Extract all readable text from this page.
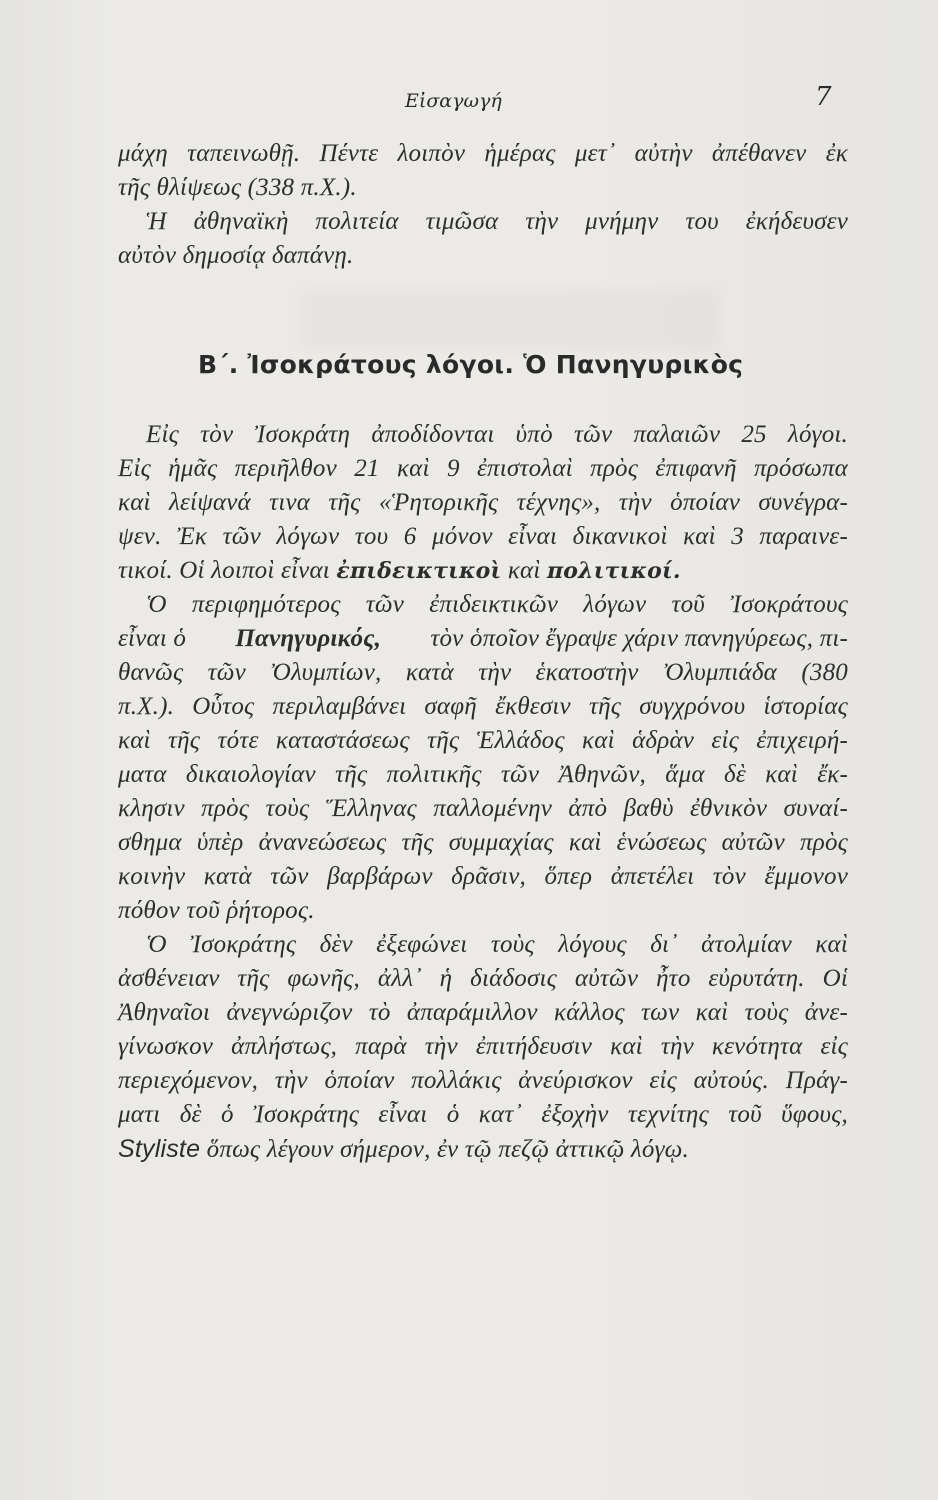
Εἰσαγωγή	7
μάχη ταπεινωθῇ. Πέντε λοιπὸν ἡμέρας μετ᾽ αὐτὴν ἀπέθανεν ἐκ
τῆς θλίψεως (338 π.Χ.).
Ἡ ἀθηναϊκὴ πολιτεία τιμῶσα τὴν μνήμην του ἐκήδευσεν
αὐτὸν δημοσίᾳ δαπάνῃ.
Β΄. Ἰσοκράτους λόγοι. Ὁ Πανηγυρικὸς
Εἰς τὸν Ἰσοκράτη ἀποδίδονται ὑπὸ τῶν παλαιῶν 25 λόγοι.
Εἰς ἡμᾶς περιῆλθον 21 καὶ 9 ἐπιστολαὶ πρὸς ἐπιφανῆ πρόσωπα
καὶ λείψανά τινα τῆς «Ῥητορικῆς τέχνης», τὴν ὁποίαν συνέγρα-
ψεν. Ἐκ τῶν λόγων του 6 μόνον εἶναι δικανικοὶ καὶ 3 παραινε-
τικοί. Οἱ λοιποὶ εἶναι ἐπιδεικτικοὶ καὶ πολιτικοί.
Ὁ περιφημότερος τῶν ἐπιδεικτικῶν λόγων τοῦ Ἰσοκράτους
εἶναι ὁ Πανηγυρικός, τὸν ὁποῖον ἔγραψε χάριν πανηγύρεως, πι-
θανῶς τῶν Ὀλυμπίων, κατὰ τὴν ἑκατοστὴν Ὀλυμπιάδα (380
π.Χ.). Οὗτος περιλαμβάνει σαφῆ ἔκθεσιν τῆς συγχρόνου ἱστορίας
καὶ τῆς τότε καταστάσεως τῆς Ἑλλάδος καὶ ἁδρὰν εἰς ἐπιχειρή-
ματα δικαιολογίαν τῆς πολιτικῆς τῶν Ἀθηνῶν, ἅμα δὲ καὶ ἔκ-
κλησιν πρὸς τοὺς Ἕλληνας παλλομένην ἀπὸ βαθὺ ἐθνικὸν συναί-
σθημα ὑπὲρ ἀνανεώσεως τῆς συμμαχίας καὶ ἑνώσεως αὐτῶν πρὸς
κοινὴν κατὰ τῶν βαρβάρων δρᾶσιν, ὅπερ ἀπετέλει τὸν ἔμμονον
πόθον τοῦ ῥήτορος.
Ὁ Ἰσοκράτης δὲν ἐξεφώνει τοὺς λόγους δι᾽ ἀτολμίαν καὶ
ἀσθένειαν τῆς φωνῆς, ἀλλ᾽ ἡ διάδοσις αὐτῶν ἦτο εὐρυτάτη. Οἱ
Ἀθηναῖοι ἀνεγνώριζον τὸ ἀπαράμιλλον κάλλος των καὶ τοὺς ἀνε-
γίνωσκον ἀπλήστως, παρὰ τὴν ἐπιτήδευσιν καὶ τὴν κενότητα εἰς
περιεχόμενον, τὴν ὁποίαν πολλάκις ἀνεύρισκον εἰς αὐτούς. Πράγ-
ματι δὲ ὁ Ἰσοκράτης εἶναι ὁ κατ᾽ ἐξοχὴν τεχνίτης τοῦ ὕφους,
Styliste ὅπως λέγουν σήμερον, ἐν τῷ πεζῷ ἀττικῷ λόγῳ.
